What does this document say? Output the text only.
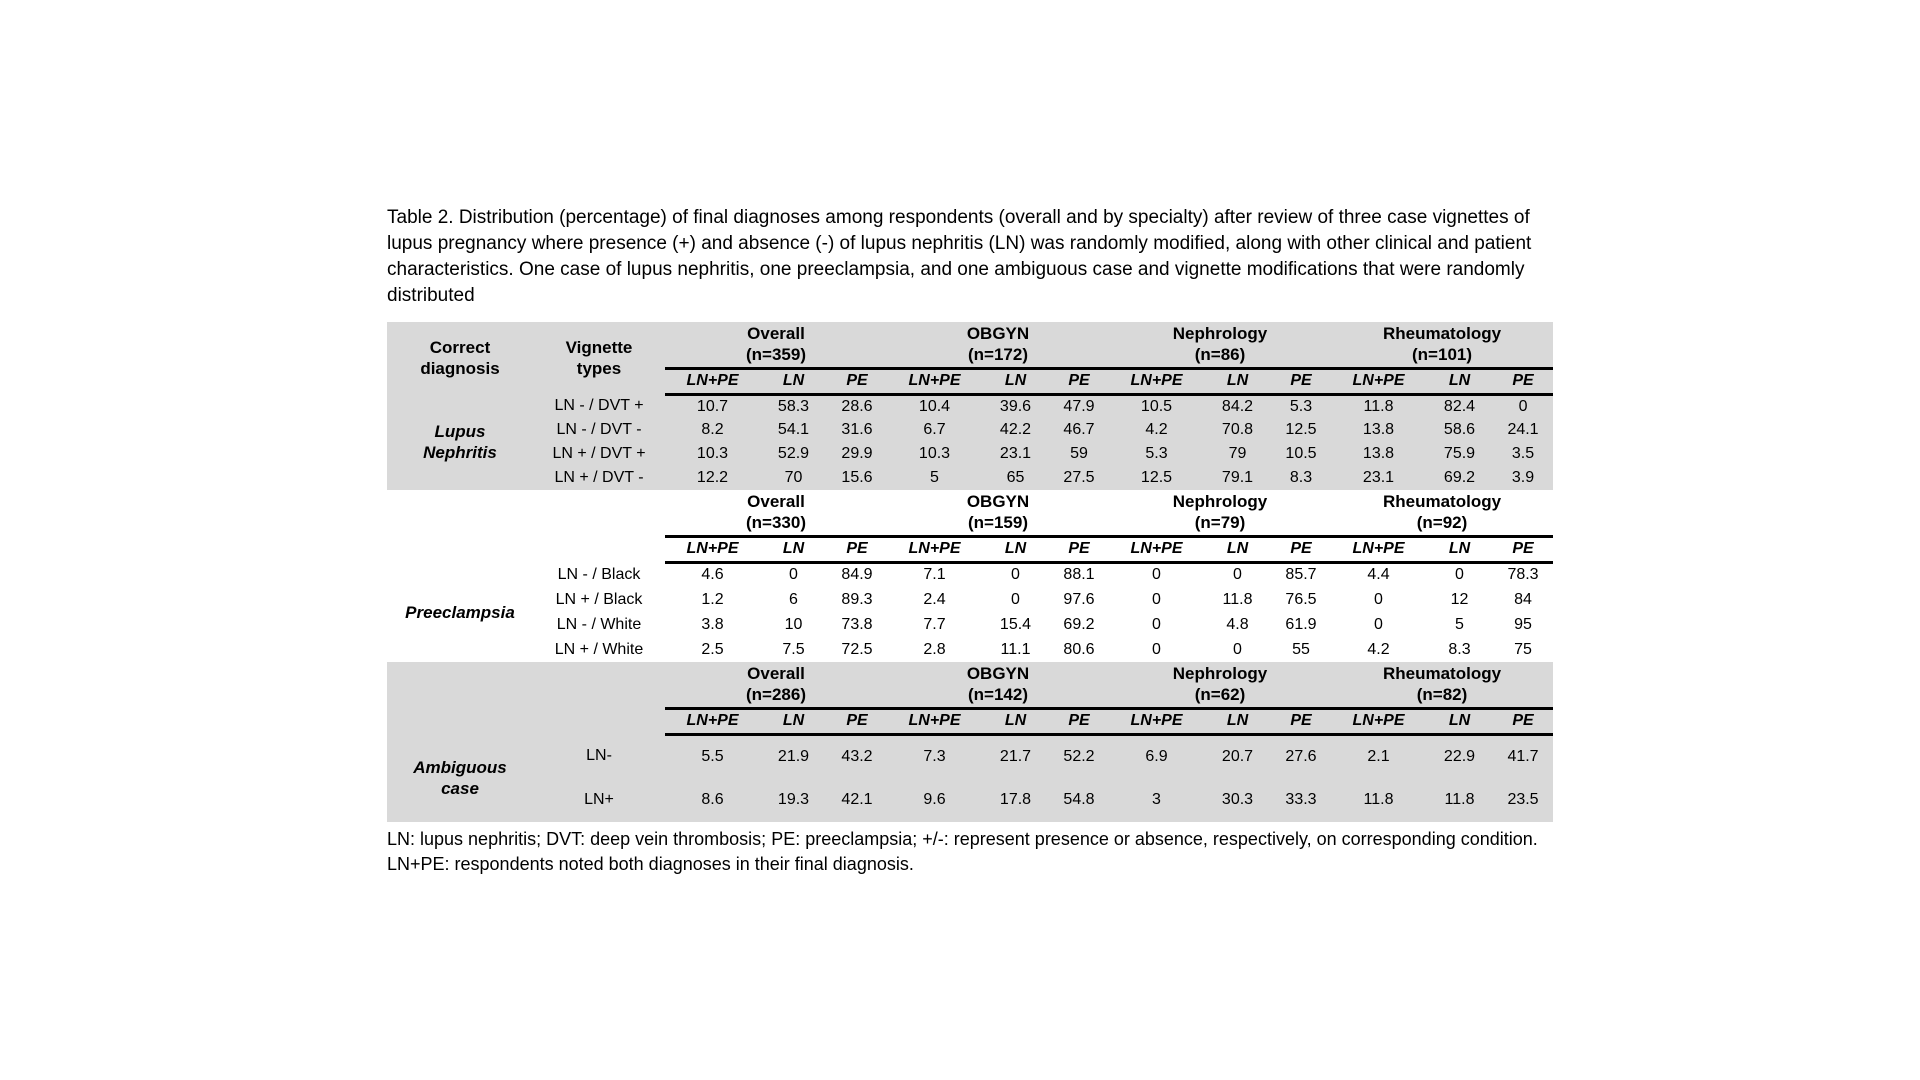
Table 2. Distribution (percentage) of final diagnoses among respondents (overall and by specialty) after review of three case vignettes of lupus pregnancy where presence (+) and absence (-) of lupus nephritis (LN) was randomly modified, along with other clinical and patient characteristics. One case of lupus nephritis, one preeclampsia, and one ambiguous case and vignette modifications that were randomly distributed

Correct diagnosis	Vignette types	
Overall
(n=359)

OBGYN
(n=172)

Nephrology
(n=86)

Rheumatology
(n=101)

		LN+PE	LN	PE	LN+PE	LN	PE	LN+PE	LN	PE	LN+PE	LN	PE
Lupus Nephritis	LN - / DVT +	10.7	58.3	28.6	10.4	39.6	47.9	10.5	84.2	5.3	11.8	82.4	0
	LN - / DVT -	8.2	54.1	31.6	6.7	42.2	46.7	4.2	70.8	12.5	13.8	58.6	24.1
	LN + / DVT +	10.3	52.9	29.9	10.3	23.1	59	5.3	79	10.5	13.8	75.9	3.5
	LN + / DVT -	12.2	70	15.6	5	65	27.5	12.5	79.1	8.3	23.1	69.2	3.9

Overall
(n=330)

OBGYN
(n=159)

Nephrology
(n=79)

Rheumatology
(n=92)

		LN+PE	LN	PE	LN+PE	LN	PE	LN+PE	LN	PE	LN+PE	LN	PE
Preeclampsia	LN - / Black	4.6	0	84.9	7.1	0	88.1	0	0	85.7	4.4	0	78.3
	LN + / Black	1.2	6	89.3	2.4	0	97.6	0	11.8	76.5	0	12	84
	LN - / White	3.8	10	73.8	7.7	15.4	69.2	0	4.8	61.9	0	5	95
	LN + / White	2.5	7.5	72.5	2.8	11.1	80.6	0	0	55	4.2	8.3	75

Overall
(n=286)

OBGYN
(n=142)

Nephrology
(n=62)

Rheumatology
(n=82)

		LN+PE	LN	PE	LN+PE	LN	PE	LN+PE	LN	PE	LN+PE	LN	PE
Ambiguous case	LN-	5.5	21.9	43.2	7.3	21.7	52.2	6.9	20.7	27.6	2.1	22.9	41.7
	LN+	8.6	19.3	42.1	9.6	17.8	54.8	3	30.3	33.3	11.8	11.8	23.5

LN: lupus nephritis; DVT: deep vein thrombosis; PE: preeclampsia; +/-: represent presence or absence, respectively, on corresponding condition. LN+PE: respondents noted both diagnoses in their final diagnosis.
